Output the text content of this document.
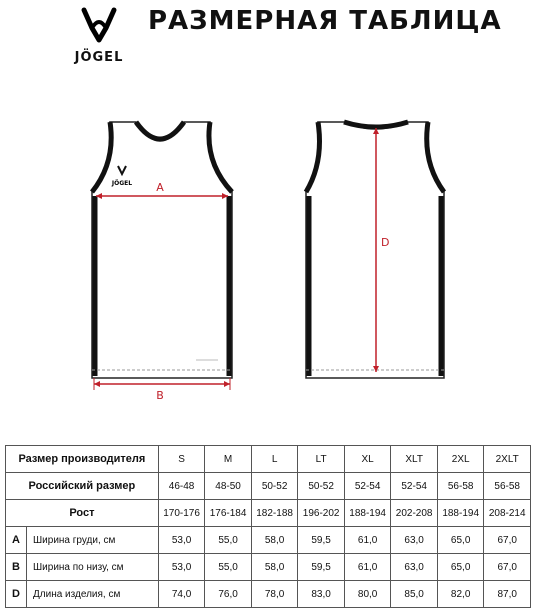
JÖGEL
РАЗМЕРНАЯ ТАБЛИЦА
JÖGEL A
B
D
Размер производителя		S	M	L	LT	XL	XLT	2XL	2XLT
Российский размер		46-48	48-50	50-52	50-52	52-54	52-54	56-58	56-58
Рост		170-176	176-184	182-188	196-202	188-194	202-208	188-194	208-214
A	Ширина груди, см	53,0	55,0	58,0	59,5	61,0	63,0	65,0	67,0
B	Ширина по низу, см	53,0	55,0	58,0	59,5	61,0	63,0	65,0	67,0
D	Длина изделия, см	74,0	76,0	78,0	83,0	80,0	85,0	82,0	87,0
